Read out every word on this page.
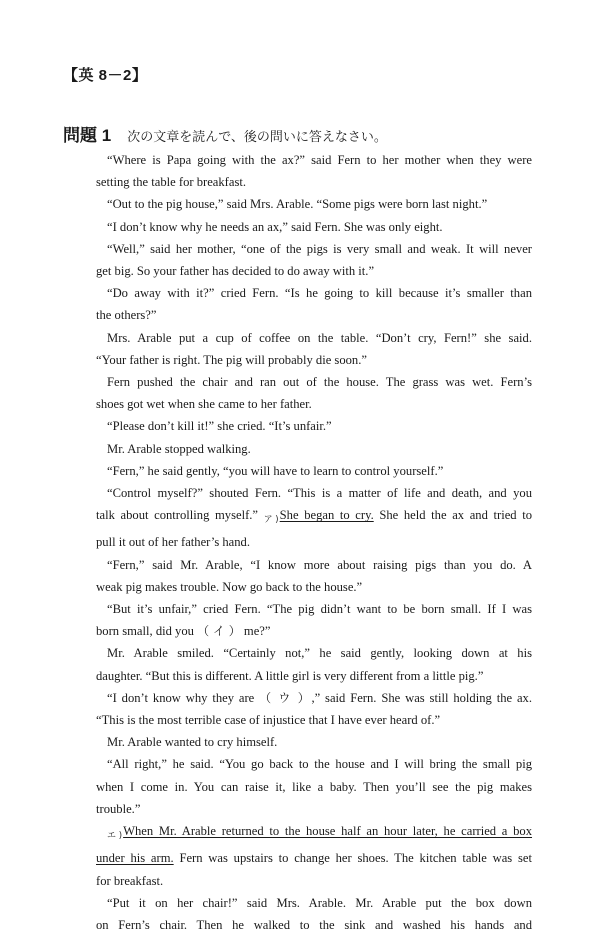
【英 8－2】
問題 1 次の文章を読んで、後の問いに答えなさい。
“Where is Papa going with the ax?” said Fern to her mother when they were
setting the table for breakfast.
“Out to the pig house,” said Mrs. Arable. “Some pigs were born last night.”
“I don’t know why he needs an ax,” said Fern. She was only eight.
“Well,” said her mother, “one of the pigs is very small and weak. It will never
get big. So your father has decided to do away with it.”
“Do away with it?” cried Fern. “Is he going to kill because it’s smaller than
the others?”
Mrs. Arable put a cup of coffee on the table. “Don’t cry, Fern!” she said.
“Your father is right. The pig will probably die soon.”
Fern pushed the chair and ran out of the house. The grass was wet. Fern’s
shoes got wet when she came to her father.
“Please don’t kill it!” she cried. “It’s unfair.”
Mr. Arable stopped walking.
“Fern,” he said gently, “you will have to learn to control yourself.”
“Control myself?” shouted Fern. “This is a matter of life and death, and you
talk about controlling myself.” $_{ア)}$She began to cry. She held the ax and tried to
pull it out of her father’s hand.
“Fern,” said Mr. Arable, “I know more about raising pigs than you do. A
weak pig makes trouble. Now go back to the house.”
“But it’s unfair,” cried Fern. “The pig didn’t want to be born small. If I was
born small, did you （ イ ） me?”
Mr. Arable smiled. “Certainly not,” he said gently, looking down at his
daughter. “But this is different. A little girl is very different from a little pig.”
“I don’t know why they are （ ウ ）,” said Fern. She was still holding the ax.
“This is the most terrible case of injustice that I have ever heard of.”
Mr. Arable wanted to cry himself.
“All right,” he said. “You go back to the house and I will bring the small pig
when I come in. You can raise it, like a baby. Then you’ll see the pig makes
trouble.”
$_{エ)}$When Mr. Arable returned to the house half an hour later, he carried a box
under his arm. Fern was upstairs to change her shoes. The kitchen table was set
for breakfast.
“Put it on her chair!” said Mrs. Arable. Mr. Arable put the box down
on Fern’s chair. Then he walked to the sink and washed his hands and
